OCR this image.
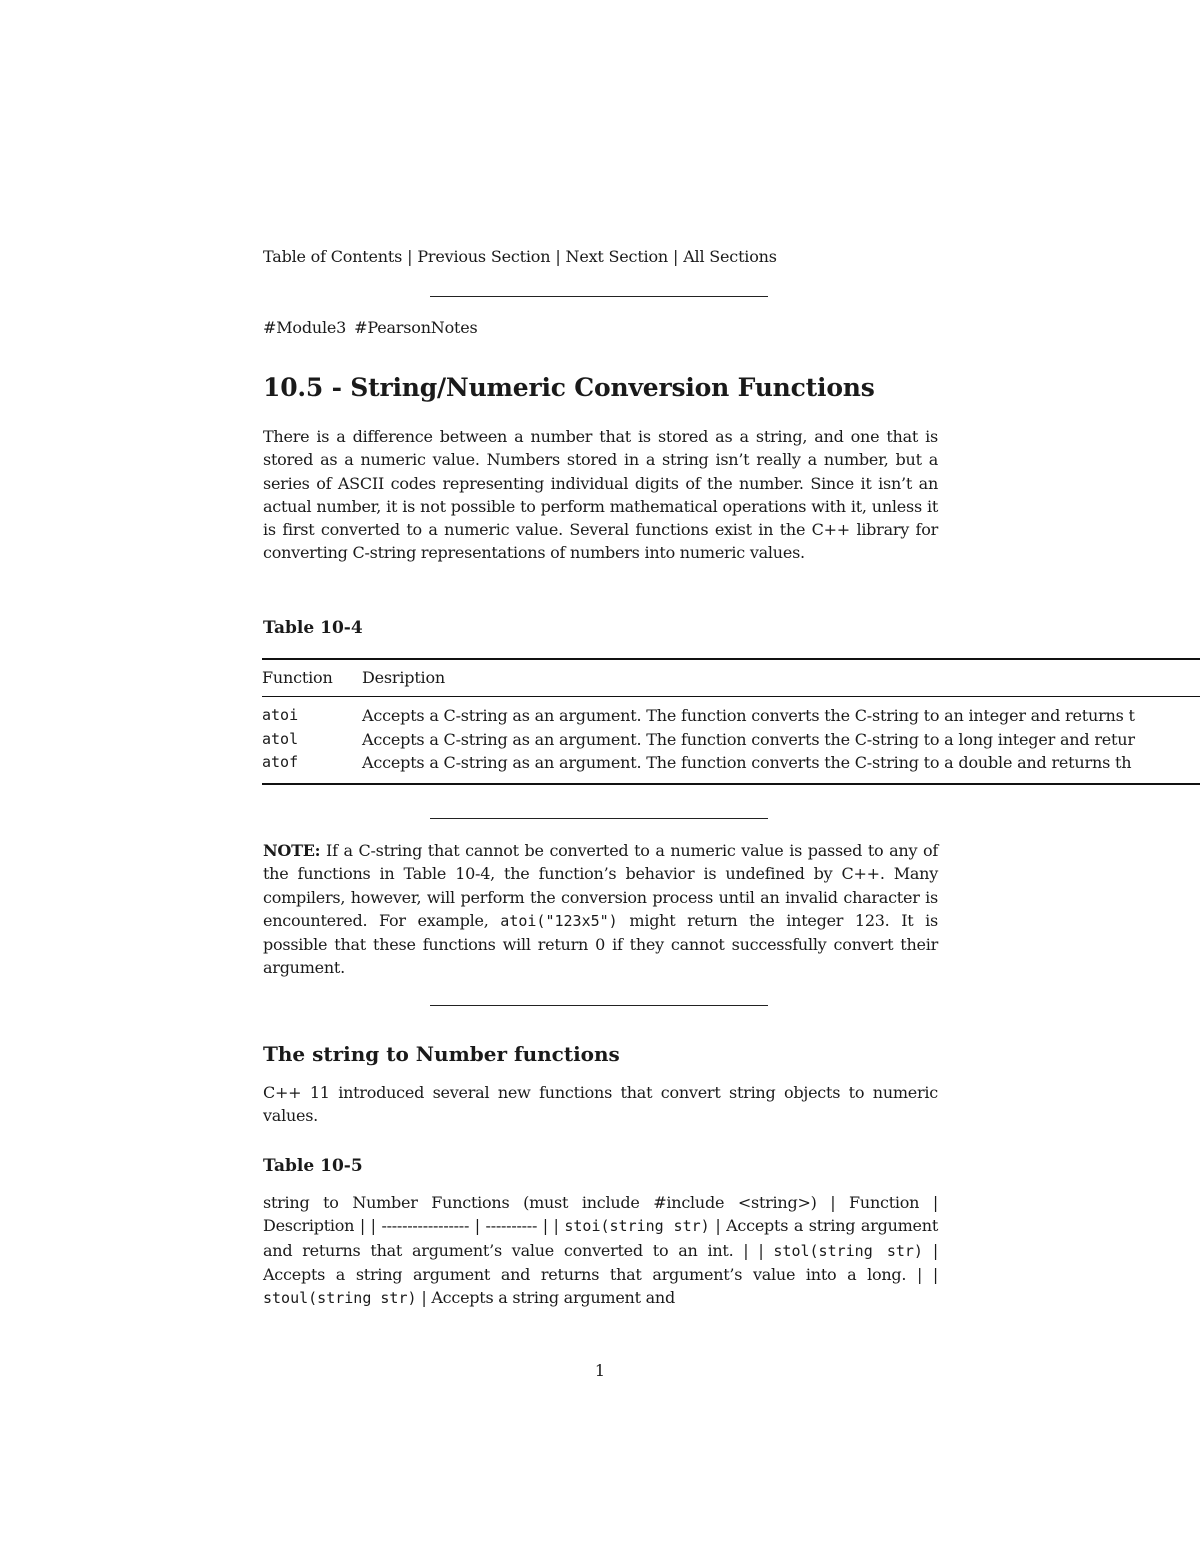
Table of Contents | Previous Section | Next Section | All Sections
#Module3 #PearsonNotes
10.5 - String/Numeric Conversion Functions

There is a difference between a number that is stored as a string, and one that is stored as a numeric value. Numbers stored in a string isn’t really a number, but a series of ASCII codes representing individual digits of the number. Since it isn’t an actual number, it is not possible to perform mathematical operations with it, unless it is first converted to a numeric value. Several functions exist in the C++ library for converting C-string representations of numbers into numeric values.

Table 10-4

Function	Desription
atoi	Accepts a C-string as an argument. The function converts the C-string to an integer and returns t
atol	Accepts a C-string as an argument. The function converts the C-string to a long integer and retur
atof	Accepts a C-string as an argument. The function converts the C-string to a double and returns th

NOTE: If a C-string that cannot be converted to a numeric value is passed to any of the functions in Table 10-4, the function’s behavior is undefined by C++. Many compilers, however, will perform the conversion process until an invalid character is encountered. For example, atoi("123x5") might return the integer 123. It is possible that these functions will return 0 if they cannot successfully convert their argument.

The string to Number functions

C++ 11 introduced several new functions that convert string objects to numeric values.

Table 10-5

string to Number Functions (must include #include <string>) | Function | Description | | ----------------- | ---------- | | stoi(string str) | Accepts a string argument and returns that argument’s value converted to an int. | | stol(string str) | Accepts a string argument and returns that argument’s value into a long. | | stoul(string str) | Accepts a string argument and

1
